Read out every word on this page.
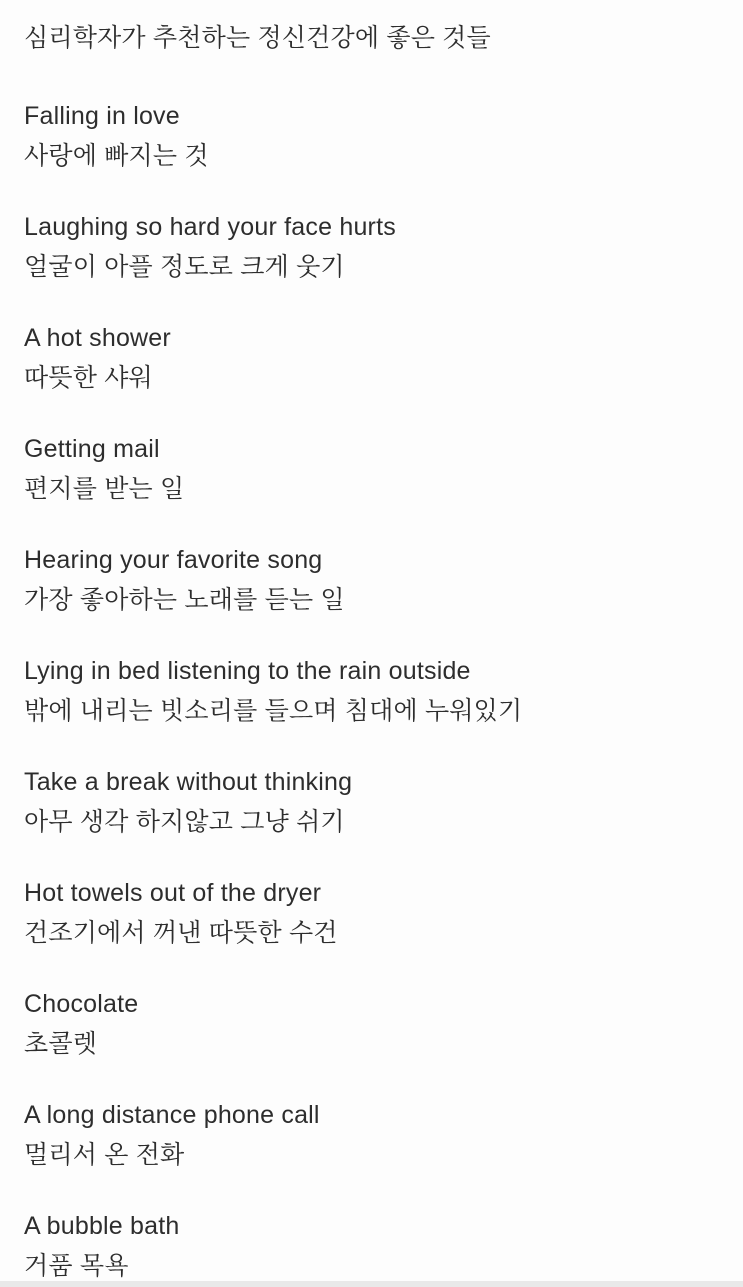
심리학자가 추천하는 정신건강에 좋은 것들

Falling in love

사랑에 빠지는 것

Laughing so hard your face hurts

얼굴이 아플 정도로 크게 웃기

A hot shower

따뜻한 샤워

Getting mail

편지를 받는 일

Hearing your favorite song

가장 좋아하는 노래를 듣는 일

Lying in bed listening to the rain outside

밖에 내리는 빗소리를 들으며 침대에 누워있기

Take a break without thinking

아무 생각 하지않고 그냥 쉬기

Hot towels out of the dryer

건조기에서 꺼낸 따뜻한 수건

Chocolate

초콜렛

A long distance phone call

멀리서 온 전화

A bubble bath

거품 목욕
